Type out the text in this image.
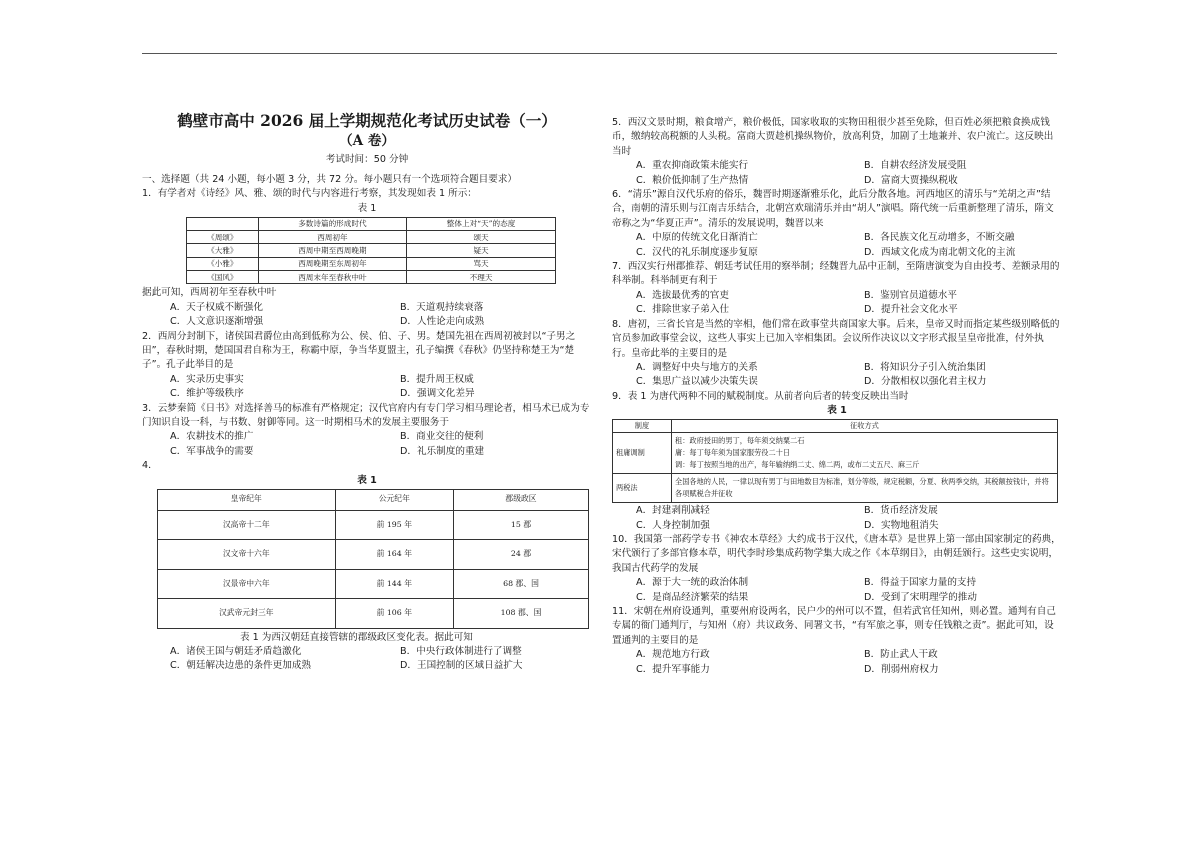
鹤壁市高中 2026 届上学期规范化考试历史试卷（一）
（A 卷）
考试时间：50 分钟

一、选择题（共 24 小题，每小题 3 分，共 72 分。每小题只有一个选项符合题目要求）

1．有学者对《诗经》风、雅、颂的时代与内容进行考察，其发现如表 1 所示：

表 1
	多数诗篇的形成时代	整体上对“天”的态度
《周颂》	西周初年	颂天
《大雅》	西周中期至西周晚期	疑天
《小雅》	西周晚期至东周初年	骂天
《国风》	西周末年至春秋中叶	不理天

据此可知，西周初年至春秋中叶

A．天子权威不断强化	B．天道观持续衰落
C．人文意识逐渐增强	D．人性论走向成熟

2．西周分封制下，诸侯国君爵位由高到低称为公、侯、伯、子、男。楚国先祖在西周初被封以“子男之田”，春秋时期，楚国国君自称为王，称霸中原，争当华夏盟主，孔子编撰《春秋》仍坚持称楚王为“楚子”。孔子此举目的是

A．实录历史事实	B．提升周王权威
C．维护等级秩序	D．强调文化差异

3．云梦秦简《日书》对选择善马的标准有严格规定；汉代官府内有专门学习相马理论者，相马术已成为专门知识自设一科，与书数、射御等同。这一时期相马术的发展主要服务于

A．农耕技术的推广	B．商业交往的便利
C．军事战争的需要	D．礼乐制度的重建

4．

表 1
皇帝纪年	公元纪年	郡级政区
汉高帝十二年	前 195 年	15 郡
汉文帝十六年	前 164 年	24 郡
汉景帝中六年	前 144 年	68 郡、国
汉武帝元封三年	前 106 年	108 郡、国

表 1 为西汉朝廷直接管辖的郡级政区变化表。据此可知

A．诸侯王国与朝廷矛盾趋激化	B．中央行政体制进行了调整
C．朝廷解决边患的条件更加成熟	D．王国控制的区域日益扩大

5．西汉文景时期，粮食增产，粮价极低，国家收取的实物田租很少甚至免除，但百姓必须把粮食换成钱币，缴纳较高税额的人头税。富商大贾趁机操纵物价，放高利贷，加剧了土地兼并、农户流亡。这反映出当时

A．重农抑商政策未能实行	B．自耕农经济发展受阻
C．粮价低抑制了生产热情	D．富商大贾操纵税收

6．“清乐”源自汉代乐府的俗乐，魏晋时期逐渐雅乐化，此后分散各地。河西地区的清乐与“羌胡之声”结合，南朝的清乐则与江南吉乐结合，北朝宫欢瑞清乐并由“胡人”演唱。隋代统一后重新整理了清乐，隋文帝称之为“华夏正声”。清乐的发展说明，魏晋以来

A．中原的传统文化日渐消亡	B．各民族文化互动增多，不断交融
C．汉代的礼乐制度逐步复原	D．西域文化成为南北朝文化的主流

7．西汉实行州郡推荐、朝廷考试任用的察举制；经魏晋九品中正制，至隋唐演变为自由投考、差额录用的科举制。科举制更有利于

A．选拔最优秀的官吏	B．鉴别官员道德水平
C．排除世家子弟入仕	D．提升社会文化水平

8．唐初，三省长官是当然的宰相，他们常在政事堂共商国家大事。后来，皇帝又时而指定某些级别略低的官员参加政事堂会议，这些人事实上已加入宰相集团。会议所作决议以文字形式报呈皇帝批准，付外执行。皇帝此举的主要目的是

A．调整好中央与地方的关系	B．将知识分子引入统治集团
C．集思广益以减少决策失误	D．分散相权以强化君主权力

9．表 1 为唐代两种不同的赋税制度。从前者向后者的转变反映出当时

表 1
制度	征收方式
租庸调制	租：政府授田的男丁，每年须交纳粟二石
庸：每丁每年须为国家服劳役二十日
调：每丁按照当地的出产，每年输纳绢二丈、绵二两，或布二丈五尺、麻三斤

两税法	全国各地的人民，一律以现有男丁与田地数目为标准，划分等级，规定税额，分夏、秋两季交纳，其税额按钱计，并将各项赋税合并征收
A．封建剥削减轻	B．货币经济发展
C．人身控制加强	D．实物地租消失

10．我国第一部药学专书《神农本草经》大约成书于汉代，《唐本草》是世界上第一部由国家制定的药典，宋代颁行了多部官修本草，明代李时珍集成药物学集大成之作《本草纲目》，由朝廷颁行。这些史实说明，我国古代药学的发展

A．源于大一统的政治体制	B．得益于国家力量的支持
C．是商品经济繁荣的结果	D．受到了宋明理学的推动

11．宋朝在州府设通判，重要州府设两名，民户少的州可以不置，但若武官任知州，则必置。通判有自己专属的衙门通判厅，与知州（府）共议政务、同署文书，“有军旅之事，则专任钱粮之责”。据此可知，设置通判的主要目的是

A．规范地方行政	B．防止武人干政
C．提升军事能力	D．削弱州府权力
